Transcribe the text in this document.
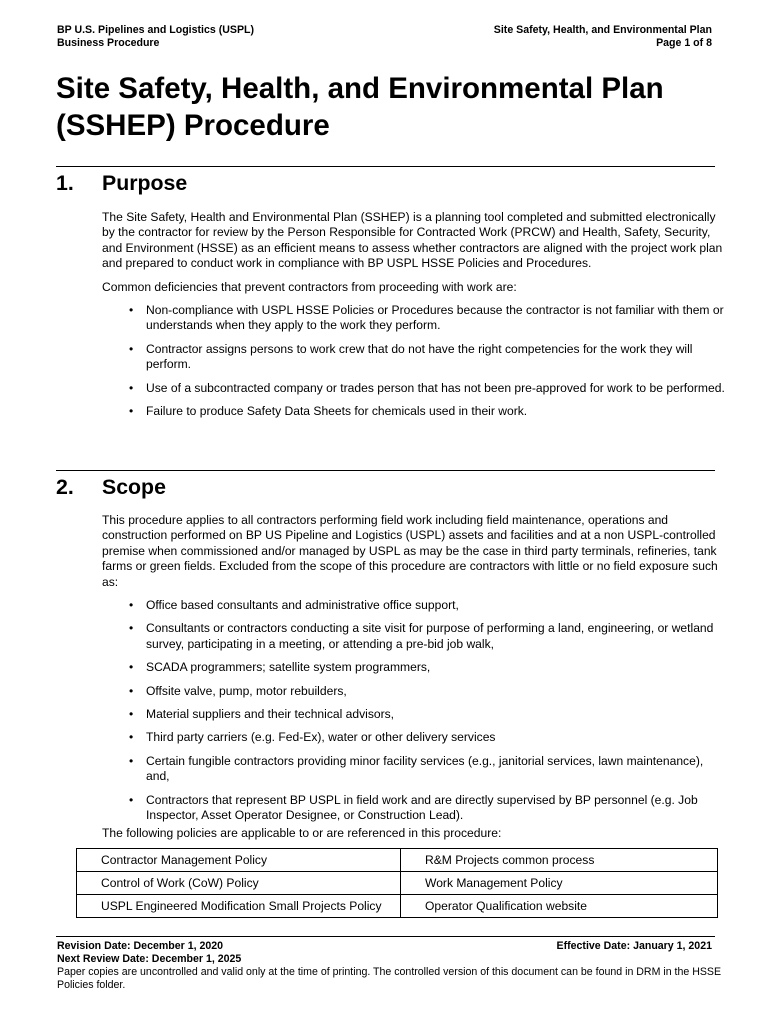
BP U.S. Pipelines and Logistics (USPL)
Business Procedure
Site Safety, Health, and Environmental Plan
Page 1 of 8
Site Safety, Health, and Environmental Plan
(SSHEP) Procedure
1. Purpose

The Site Safety, Health and Environmental Plan (SSHEP) is a planning tool completed and submitted electronically by the contractor for review by the Person Responsible for Contracted Work (PRCW) and Health, Safety, Security, and Environment (HSSE) as an efficient means to assess whether contractors are aligned with the project work plan and prepared to conduct work in compliance with BP USPL HSSE Policies and Procedures.

Common deficiencies that prevent contractors from proceeding with work are:

• Non-compliance with USPL HSSE Policies or Procedures because the contractor is not familiar with them or understands when they apply to the work they perform.
• Contractor assigns persons to work crew that do not have the right competencies for the work they will perform.
• Use of a subcontracted company or trades person that has not been pre-approved for work to be performed.
• Failure to produce Safety Data Sheets for chemicals used in their work.
2. Scope

This procedure applies to all contractors performing field work including field maintenance, operations and construction performed on BP US Pipeline and Logistics (USPL) assets and facilities and at a non USPL-controlled premise when commissioned and/or managed by USPL as may be the case in third party terminals, refineries, tank farms or green fields. Excluded from the scope of this procedure are contractors with little or no field exposure such as:

• Office based consultants and administrative office support,
• Consultants or contractors conducting a site visit for purpose of performing a land, engineering, or wetland survey, participating in a meeting, or attending a pre-bid job walk,
• SCADA programmers; satellite system programmers,
• Offsite valve, pump, motor rebuilders,
• Material suppliers and their technical advisors,
• Third party carriers (e.g. Fed-Ex), water or other delivery services
• Certain fungible contractors providing minor facility services (e.g., janitorial services, lawn maintenance), and,
• Contractors that represent BP USPL in field work and are directly supervised by BP personnel (e.g. Job Inspector, Asset Operator Designee, or Construction Lead).
The following policies are applicable to or are referenced in this procedure:
Contractor Management Policy	R&M Projects common process
Control of Work (CoW) Policy	Work Management Policy
USPL Engineered Modification Small Projects Policy	Operator Qualification website
Revision Date: December 1, 2020	Effective Date: January 1, 2021
Next Review Date: December 1, 2025
Paper copies are uncontrolled and valid only at the time of printing. The controlled version of this document can be found in DRM in the HSSE Policies folder.
